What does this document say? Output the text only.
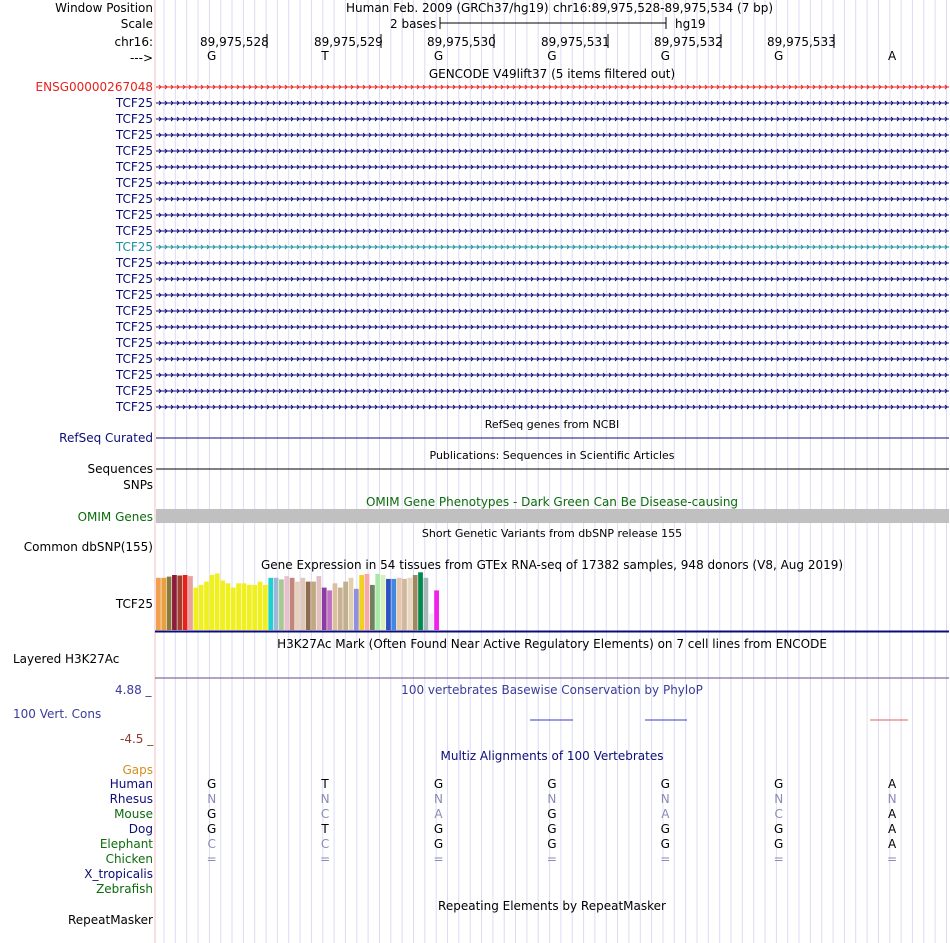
Window Position	Human Feb. 2009 (GRCh37/hg19) chr16:89,975,528-89,975,534 (7 bp)
Scale	2 bases	hg19
chr16:
--->
89,975,528	89,975,529	89,975,530	89,975,531	89,975,532	89,975,533
G	T	G	G	G	G	A
GENCODE V49lift37 (5 items filtered out)
ENSG00000267048
TCF25
TCF25
TCF25
TCF25
TCF25
TCF25
TCF25
TCF25
TCF25
TCF25
TCF25
TCF25
TCF25
TCF25
TCF25
TCF25
TCF25
TCF25
TCF25
TCF25
RefSeq genes from NCBI
RefSeq Curated
Publications: Sequences in Scientific Articles
Sequences
SNPs
OMIM Gene Phenotypes - Dark Green Can Be Disease-causing
OMIM Genes
Short Genetic Variants from dbSNP release 155
Common dbSNP(155)
Gene Expression in 54 tissues from GTEx RNA-seq of 17382 samples, 948 donors (V8, Aug 2019)
TCF25
H3K27Ac Mark (Often Found Near Active Regulatory Elements) on 7 cell lines from ENCODE
Layered H3K27Ac
100 vertebrates Basewise Conservation by PhyloP
4.88 _
100 Vert. Cons
-4.5 _
Multiz Alignments of 100 Vertebrates
Gaps
Human	G	T	G	G	G	G	A
Rhesus	N	N	N	N	N	N	N
Mouse	G	C	A	G	A	C	A
Dog	G	T	G	G	G	G	A
Elephant	C	C	G	G	G	G	A
Chicken	=	=	=	=	=	=	=
X_tropicalis
Zebrafish
Repeating Elements by RepeatMasker
RepeatMasker
